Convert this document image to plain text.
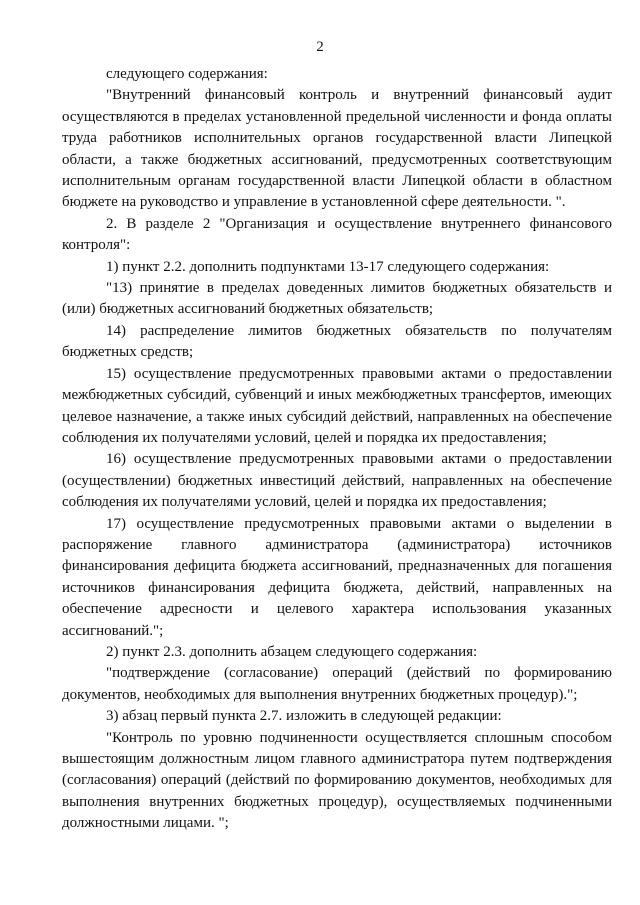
2

следующего содержания:

"Внутренний финансовый контроль и внутренний финансовый аудит осуществляются в пределах установленной предельной численности и фонда оплаты труда работников исполнительных органов государственной власти Липецкой области, а также бюджетных ассигнований, предусмотренных соответствующим исполнительным органам государственной власти Липецкой области в областном бюджете на руководство и управление в установленной сфере деятельности. ".

2. В разделе 2 "Организация и осуществление внутреннего финансового контроля":

1) пункт 2.2. дополнить подпунктами 13-17 следующего содержания:

"13) принятие в пределах доведенных лимитов бюджетных обязательств и (или) бюджетных ассигнований бюджетных обязательств;

14) распределение лимитов бюджетных обязательств по получателям бюджетных средств;

15) осуществление предусмотренных правовыми актами о предоставлении межбюджетных субсидий, субвенций и иных межбюджетных трансфертов, имеющих целевое назначение, а также иных субсидий действий, направленных на обеспечение соблюдения их получателями условий, целей и порядка их предоставления;

16) осуществление предусмотренных правовыми актами о предоставлении (осуществлении) бюджетных инвестиций действий, направленных на обеспечение соблюдения их получателями условий, целей и порядка их предоставления;

17) осуществление предусмотренных правовыми актами о выделении в распоряжение главного администратора (администратора) источников финансирования дефицита бюджета ассигнований, предназначенных для погашения источников финансирования дефицита бюджета, действий, направленных на обеспечение адресности и целевого характера использования указанных ассигнований.";

2) пункт 2.3. дополнить абзацем следующего содержания:

"подтверждение (согласование) операций (действий по формированию документов, необходимых для выполнения внутренних бюджетных процедур).";

3) абзац первый пункта 2.7. изложить в следующей редакции:

"Контроль по уровню подчиненности осуществляется сплошным способом вышестоящим должностным лицом главного администратора путем подтверждения (согласования) операций (действий по формированию документов, необходимых для выполнения внутренних бюджетных процедур), осуществляемых подчиненными должностными лицами. ";
